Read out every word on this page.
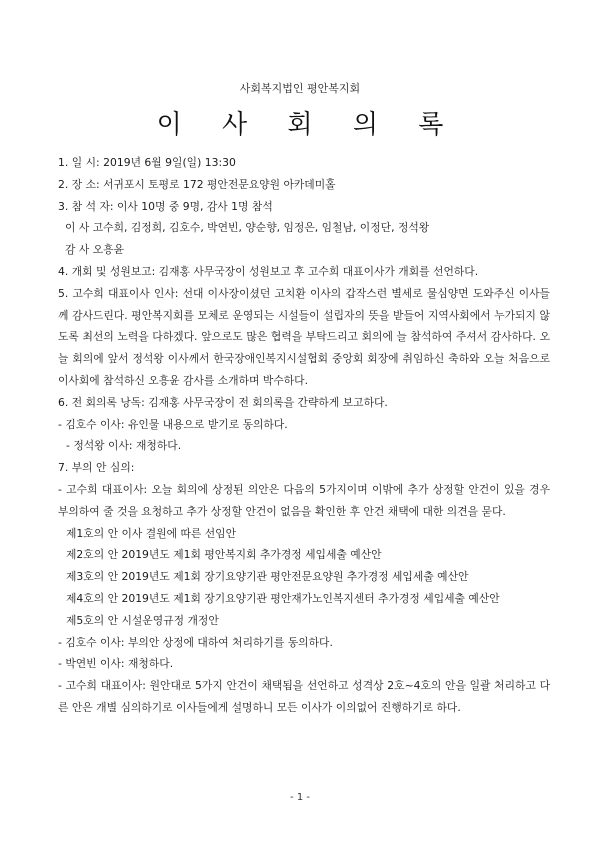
사회복지법인 평안복지회
이 사 회 의 록

1. 일 시: 2019년 6월 9일(일) 13:30

2. 장 소: 서귀포시 토평로 172 평안전문요양원 아카데미홀

3. 참 석 자: 이사 10명 중 9명, 감사 1명 참석

이 사 고수희, 김정희, 김호수, 박연빈, 양순향, 임정은, 임철남, 이정단, 정석왕

감 사 오흥윤

4. 개회 및 성원보고: 김재홍 사무국장이 성원보고 후 고수희 대표이사가 개회를 선언하다.

5. 고수희 대표이사 인사: 선대 이사장이셨던 고치환 이사의 갑작스런 별세로 물심양면 도와주신 이사들께 감사드린다. 평안복지회를 모체로 운영되는 시설들이 설립자의 뜻을 받들어 지역사회에서 누가되지 않도록 최선의 노력을 다하겠다. 앞으로도 많은 협력을 부탁드리고 회의에 늘 참석하여 주셔서 감사하다. 오늘 회의에 앞서 정석왕 이사께서 한국장애인복지시설협회 중앙회 회장에 취임하신 축하와 오늘 처음으로 이사회에 참석하신 오흥윤 감사를 소개하며 박수하다.

6. 전 회의록 낭독: 김재홍 사무국장이 전 회의록을 간략하게 보고하다.

- 김호수 이사: 유인물 내용으로 받기로 동의하다.

- 정석왕 이사: 재청하다.

7. 부의 안 심의:

- 고수희 대표이사: 오늘 회의에 상정된 의안은 다음의 5가지이며 이밖에 추가 상정할 안건이 있을 경우 부의하여 줄 것을 요청하고 추가 상정할 안건이 없음을 확인한 후 안건 채택에 대한 의견을 묻다.

제1호의 안 이사 결원에 따른 선임안

제2호의 안 2019년도 제1회 평안복지회 추가경정 세입세출 예산안

제3호의 안 2019년도 제1회 장기요양기관 평안전문요양원 추가경정 세입세출 예산안

제4호의 안 2019년도 제1회 장기요양기관 평안재가노인복지센터 추가경정 세입세출 예산안

제5호의 안 시설운영규정 개정안

- 김호수 이사: 부의안 상정에 대하여 처리하기를 동의하다.

- 박연빈 이사: 재청하다.

- 고수희 대표이사: 원안대로 5가지 안건이 채택됨을 선언하고 성격상 2호~4호의 안을 일괄 처리하고 다른 안은 개별 심의하기로 이사들에게 설명하니 모든 이사가 이의없어 진행하기로 하다.

- 1 -
